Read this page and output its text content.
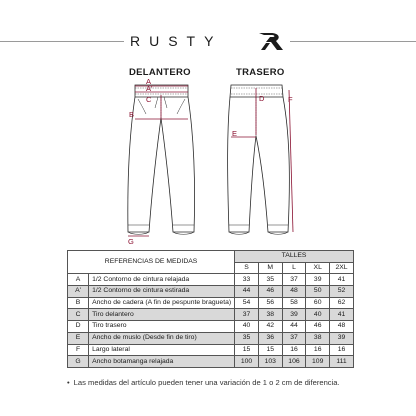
RUSTY
DELANTERO	TRASERO
A
A'
C
B
G
D	F
E
REFERENCIAS DE MEDIDAS		TALLES				
		S	M	L	XL	2XL
A	1/2 Contorno de cintura relajada	33	35	37	39	41
A'	1/2 Contorno de cintura estirada	44	46	48	50	52
B	Ancho de cadera (A fin de pespunte bragueta)	54	56	58	60	62
C	Tiro delantero	37	38	39	40	41
D	Tiro trasero	40	42	44	46	48
E	Ancho de muslo (Desde fin de tiro)	35	36	37	38	39
F	Largo lateral	15	15	16	16	16
G	Ancho botamanga relajada	100	103	106	109	111
• Las medidas del artículo pueden tener una variación de 1 o 2 cm de diferencia.
